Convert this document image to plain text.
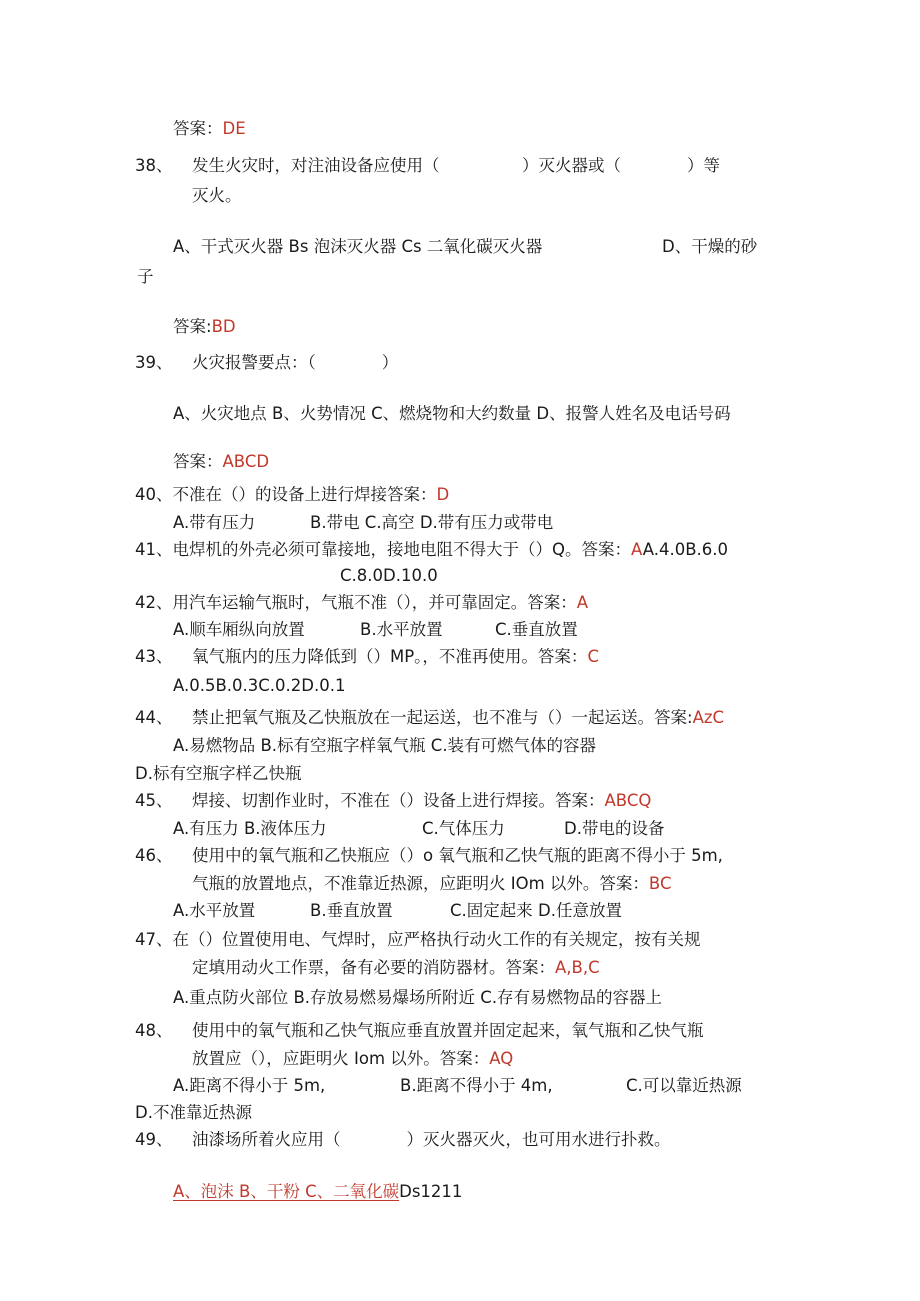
答案：DE
38、 发生火灾时，对注油设备应使用（　　　　　）灭火器或（　　　　）等
灭火。
A、干式灭火器 Bs 泡沫灭火器 Cs 二氧化碳灭火器	D、干燥的砂
子
答案:BD
39、 火灾报警要点：（　　　　）
A、火灾地点 B、火势情况 C、燃烧物和大约数量 D、报警人姓名及电话号码
答案：ABCD
40、不准在（）的设备上进行焊接答案：D
A.带有压力	B.带电 C.高空 D.带有压力或带电
41、电焊机的外壳必须可靠接地，接地电阻不得大于（）Q。答案：AA.4.0B.6.0
C.8.0D.10.0
42、用汽车运输气瓶时，气瓶不准（），并可靠固定。答案：A
A.顺车厢纵向放置	B.水平放置	C.垂直放置
43、 氧气瓶内的压力降低到（）MP。，不准再使用。答案：C
A.0.5B.0.3C.0.2D.0.1
44、 禁止把氧气瓶及乙快瓶放在一起运送，也不准与（）一起运送。答案:AzC
A.易燃物品 B.标有空瓶字样氧气瓶 C.装有可燃气体的容器
D.标有空瓶字样乙快瓶
45、 焊接、切割作业时，不准在（）设备上进行焊接。答案：ABCQ
A.有压力 B.液体压力	C.气体压力	D.带电的设备
46、 使用中的氧气瓶和乙快瓶应（）o 氧气瓶和乙快气瓶的距离不得小于 5m,
气瓶的放置地点，不准靠近热源，应距明火 IOm 以外。答案：BC
A.水平放置	B.垂直放置	C.固定起来 D.任意放置
47、在（）位置使用电、气焊时，应严格执行动火工作的有关规定，按有关规
定填用动火工作票，备有必要的消防器材。答案：A,B,C
A.重点防火部位 B.存放易燃易爆场所附近 C.存有易燃物品的容器上
48、 使用中的氧气瓶和乙快气瓶应垂直放置并固定起来，氧气瓶和乙快气瓶
放置应（），应距明火 Iom 以外。答案：AQ
A.距离不得小于 5m,	B.距离不得小于 4m,	C.可以靠近热源
D.不准靠近热源
49、 油漆场所着火应用（　　　　）灭火器灭火，也可用水进行扑救。
A、泡沫 B、干粉 C、二氧化碳Ds1211
